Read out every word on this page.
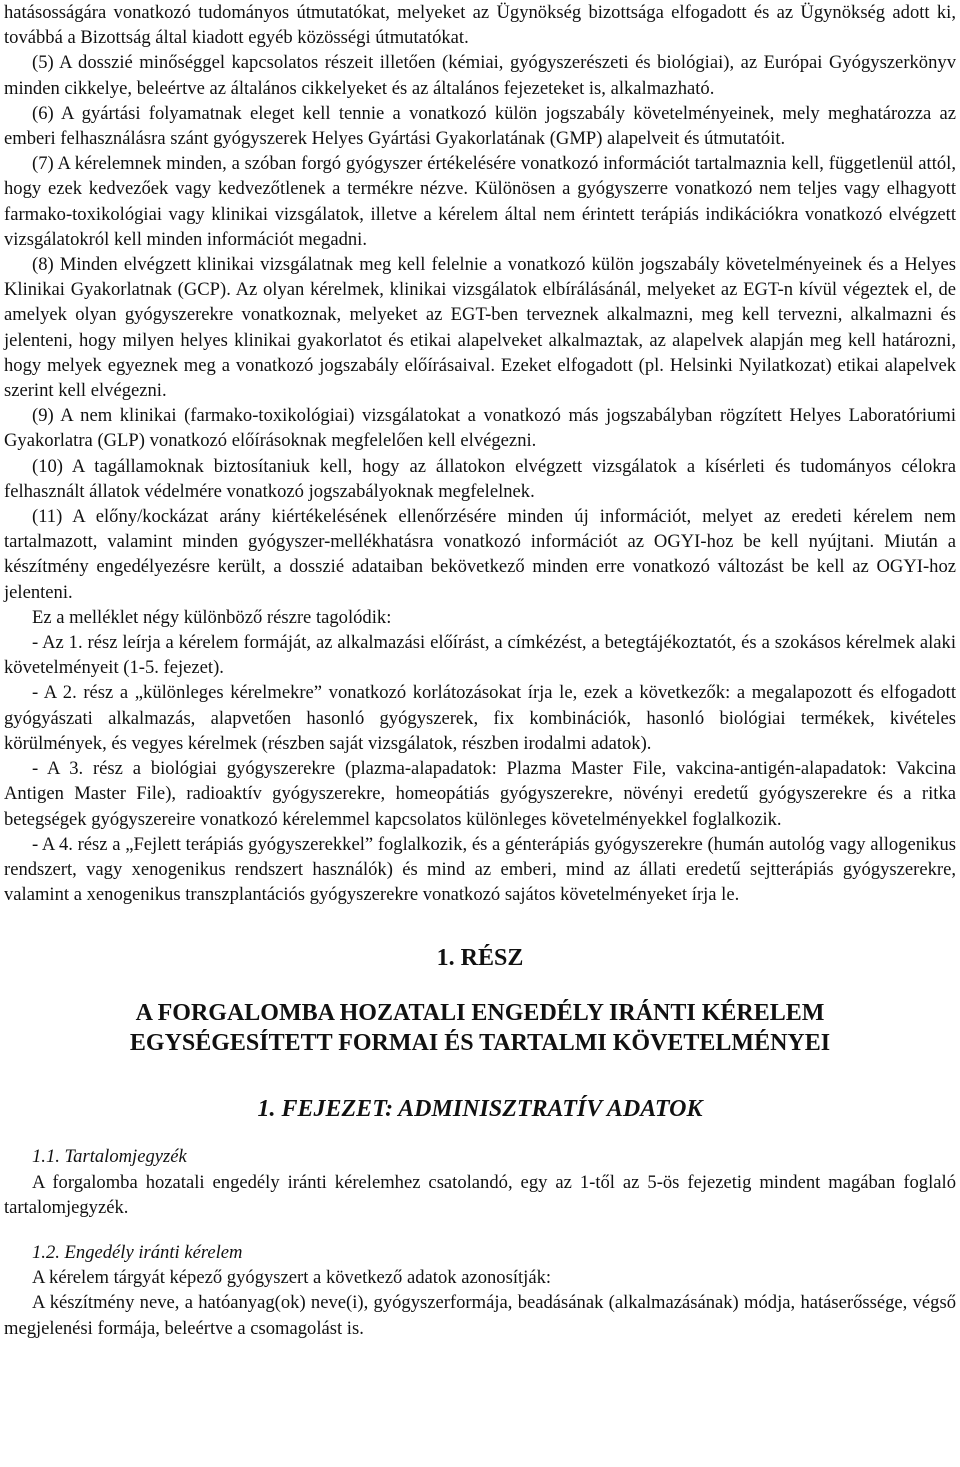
hatásosságára vonatkozó tudományos útmutatókat, melyeket az Ügynökség bizottsága elfogadott és az Ügynökség adott ki, továbbá a Bizottság által kiadott egyéb közösségi útmutatókat.

(5) A dosszié minőséggel kapcsolatos részeit illetően (kémiai, gyógyszerészeti és biológiai), az Európai Gyógyszerkönyv minden cikkelye, beleértve az általános cikkelyeket és az általános fejezeteket is, alkalmazható.

(6) A gyártási folyamatnak eleget kell tennie a vonatkozó külön jogszabály követelményeinek, mely meghatározza az emberi felhasználásra szánt gyógyszerek Helyes Gyártási Gyakorlatának (GMP) alapelveit és útmutatóit.

(7) A kérelemnek minden, a szóban forgó gyógyszer értékelésére vonatkozó információt tartalmaznia kell, függetlenül attól, hogy ezek kedvezőek vagy kedvezőtlenek a termékre nézve. Különösen a gyógyszerre vonatkozó nem teljes vagy elhagyott farmako-toxikológiai vagy klinikai vizsgálatok, illetve a kérelem által nem érintett terápiás indikációkra vonatkozó elvégzett vizsgálatokról kell minden információt megadni.

(8) Minden elvégzett klinikai vizsgálatnak meg kell felelnie a vonatkozó külön jogszabály követelményeinek és a Helyes Klinikai Gyakorlatnak (GCP). Az olyan kérelmek, klinikai vizsgálatok elbírálásánál, melyeket az EGT-n kívül végeztek el, de amelyek olyan gyógyszerekre vonatkoznak, melyeket az EGT-ben terveznek alkalmazni, meg kell tervezni, alkalmazni és jelenteni, hogy milyen helyes klinikai gyakorlatot és etikai alapelveket alkalmaztak, az alapelvek alapján meg kell határozni, hogy melyek egyeznek meg a vonatkozó jogszabály előírásaival. Ezeket elfogadott (pl. Helsinki Nyilatkozat) etikai alapelvek szerint kell elvégezni.

(9) A nem klinikai (farmako-toxikológiai) vizsgálatokat a vonatkozó más jogszabályban rögzített Helyes Laboratóriumi Gyakorlatra (GLP) vonatkozó előírásoknak megfelelően kell elvégezni.

(10) A tagállamoknak biztosítaniuk kell, hogy az állatokon elvégzett vizsgálatok a kísérleti és tudományos célokra felhasznált állatok védelmére vonatkozó jogszabályoknak megfelelnek.

(11) A előny/kockázat arány kiértékelésének ellenőrzésére minden új információt, melyet az eredeti kérelem nem tartalmazott, valamint minden gyógyszer-mellékhatásra vonatkozó információt az OGYI-hoz be kell nyújtani. Miután a készítmény engedélyezésre került, a dosszié adataiban bekövetkező minden erre vonatkozó változást be kell az OGYI-hoz jelenteni.

Ez a melléklet négy különböző részre tagolódik:

- Az 1. rész leírja a kérelem formáját, az alkalmazási előírást, a címkézést, a betegtájékoztatót, és a szokásos kérelmek alaki követelményeit (1-5. fejezet).

- A 2. rész a „különleges kérelmekre” vonatkozó korlátozásokat írja le, ezek a következők: a megalapozott és elfogadott gyógyászati alkalmazás, alapvetően hasonló gyógyszerek, fix kombinációk, hasonló biológiai termékek, kivételes körülmények, és vegyes kérelmek (részben saját vizsgálatok, részben irodalmi adatok).

- A 3. rész a biológiai gyógyszerekre (plazma-alapadatok: Plazma Master File, vakcina-antigén-alapadatok: Vakcina Antigen Master File), radioaktív gyógyszerekre, homeopátiás gyógyszerekre, növényi eredetű gyógyszerekre és a ritka betegségek gyógyszereire vonatkozó kérelemmel kapcsolatos különleges követelményekkel foglalkozik.

- A 4. rész a „Fejlett terápiás gyógyszerekkel” foglalkozik, és a génterápiás gyógyszerekre (humán autológ vagy allogenikus rendszert, vagy xenogenikus rendszert használók) és mind az emberi, mind az állati eredetű sejtterápiás gyógyszerekre, valamint a xenogenikus transzplantációs gyógyszerekre vonatkozó sajátos követelményeket írja le.

1. RÉSZ
A FORGALOMBA HOZATALI ENGEDÉLY IRÁNTI KÉRELEM
EGYSÉGESÍTETT FORMAI ÉS TARTALMI KÖVETELMÉNYEI
1. FEJEZET: ADMINISZTRATÍV ADATOK
1.1. Tartalomjegyzék

A forgalomba hozatali engedély iránti kérelemhez csatolandó, egy az 1-től az 5-ös fejezetig mindent magában foglaló tartalomjegyzék.

1.2. Engedély iránti kérelem
A kérelem tárgyát képező gyógyszert a következő adatok azonosítják:

A készítmény neve, a hatóanyag(ok) neve(i), gyógyszerformája, beadásának (alkalmazásának) módja, hatáserőssége, végső megjelenési formája, beleértve a csomagolást is.
